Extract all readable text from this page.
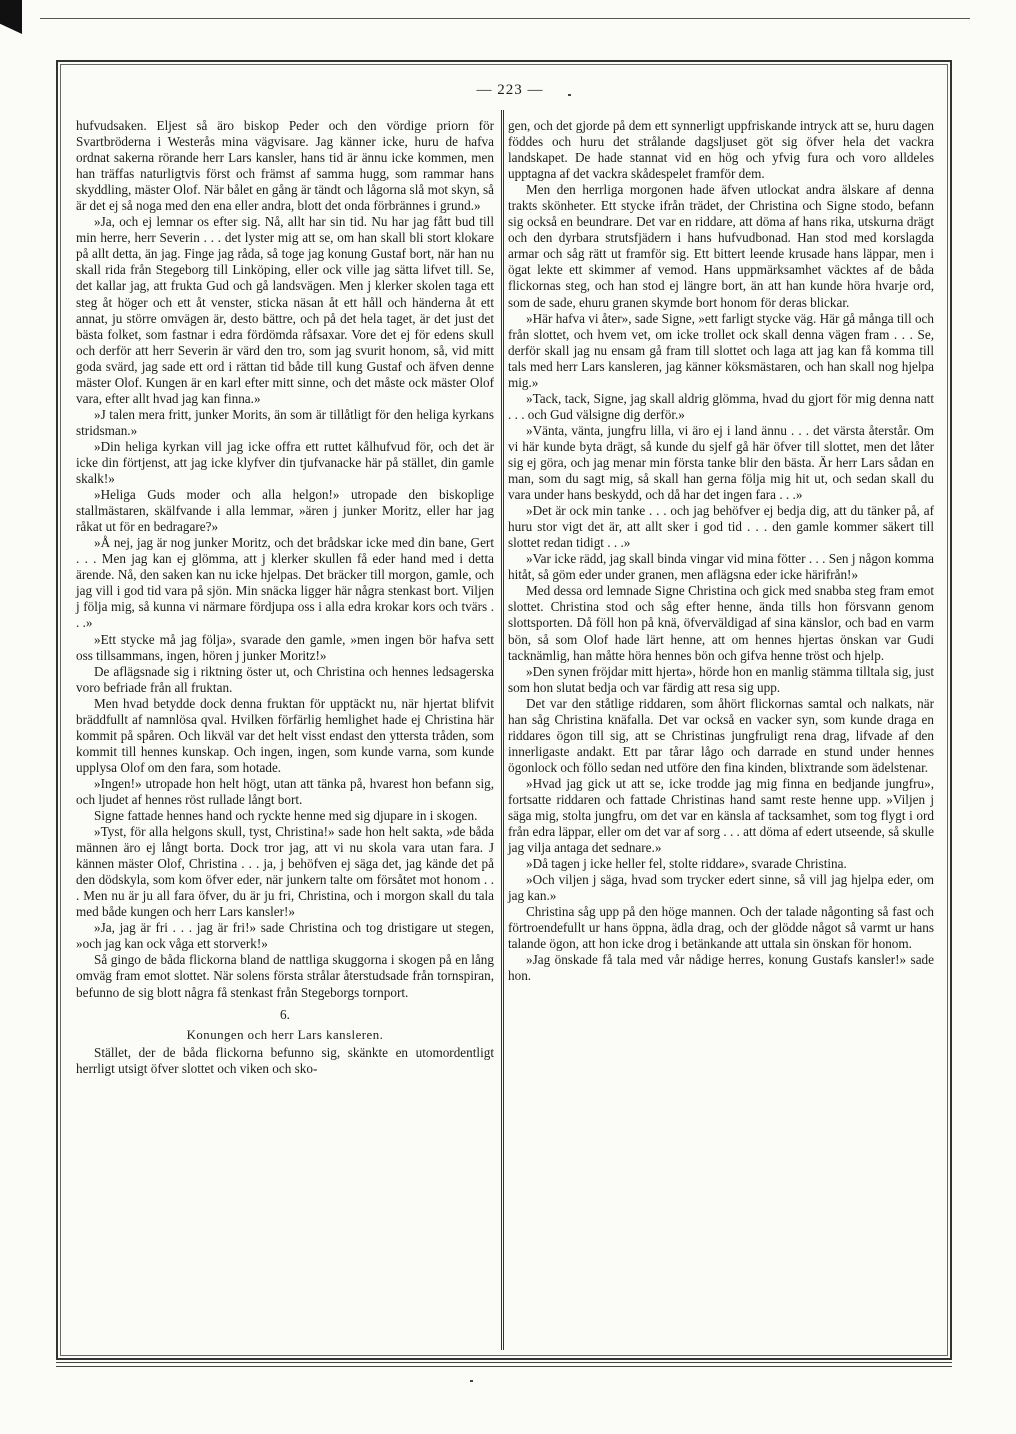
— 223 —

hufvudsaken. Eljest så äro biskop Peder och den vördige priorn för Svartbröderna i Westerås mina vägvisare. Jag känner icke, huru de hafva ordnat sakerna rörande herr Lars kansler, hans tid är ännu icke kommen, men han träffas naturligtvis först och främst af samma hugg, som rammar hans skyddling, mäster Olof. När bålet en gång är tändt och lågorna slå mot skyn, så är det ej så noga med den ena eller andra, blott det onda förbrännes i grund.»

»Ja, och ej lemnar os efter sig. Nå, allt har sin tid. Nu har jag fått bud till min herre, herr Severin . . . det lyster mig att se, om han skall bli stort klokare på allt detta, än jag. Finge jag råda, så toge jag konung Gustaf bort, när han nu skall rida från Stegeborg till Linköping, eller ock ville jag sätta lifvet till. Se, det kallar jag, att frukta Gud och gå landsvägen. Men j klerker skolen taga ett steg åt höger och ett åt venster, sticka näsan åt ett håll och händerna åt ett annat, ju större omvägen är, desto bättre, och på det hela taget, är det just det bästa folket, som fastnar i edra fördömda råfsaxar. Vore det ej för edens skull och derför att herr Severin är värd den tro, som jag svurit honom, så, vid mitt goda svärd, jag sade ett ord i rättan tid både till kung Gustaf och äfven denne mäster Olof. Kungen är en karl efter mitt sinne, och det måste ock mäster Olof vara, efter allt hvad jag kan finna.»

»J talen mera fritt, junker Morits, än som är tillåtligt för den heliga kyrkans stridsman.»

»Din heliga kyrkan vill jag icke offra ett ruttet kålhufvud för, och det är icke din förtjenst, att jag icke klyfver din tjufvanacke här på stället, din gamle skalk!»

»Heliga Guds moder och alla helgon!» utropade den biskoplige stallmästaren, skälfvande i alla lemmar, »ären j junker Moritz, eller har jag råkat ut för en bedragare?»

»Å nej, jag är nog junker Moritz, och det brådskar icke med din bane, Gert . . . Men jag kan ej glömma, att j klerker skullen få eder hand med i detta ärende. Nå, den saken kan nu icke hjelpas. Det bräcker till morgon, gamle, och jag vill i god tid vara på sjön. Min snäcka ligger här några stenkast bort. Viljen j följa mig, så kunna vi närmare fördjupa oss i alla edra krokar kors och tvärs . . .»

»Ett stycke må jag följa», svarade den gamle, »men ingen bör hafva sett oss tillsammans, ingen, hören j junker Moritz!»

De aflägsnade sig i riktning öster ut, och Christina och hennes ledsagerska voro befriade från all fruktan.

Men hvad betydde dock denna fruktan för upptäckt nu, när hjertat blifvit bräddfullt af namnlösa qval. Hvilken förfärlig hemlighet hade ej Christina här kommit på spåren. Och likväl var det helt visst endast den yttersta tråden, som kommit till hennes kunskap. Och ingen, ingen, som kunde varna, som kunde upplysa Olof om den fara, som hotade.

»Ingen!» utropade hon helt högt, utan att tänka på, hvarest hon befann sig, och ljudet af hennes röst rullade långt bort.

Signe fattade hennes hand och ryckte henne med sig djupare in i skogen.

»Tyst, för alla helgons skull, tyst, Christina!» sade hon helt sakta, »de båda männen äro ej långt borta. Dock tror jag, att vi nu skola vara utan fara. J kännen mäster Olof, Christina . . . ja, j behöfven ej säga det, jag kände det på den dödskyla, som kom öfver eder, när junkern talte om försåtet mot honom . . . Men nu är ju all fara öfver, du är ju fri, Christina, och i morgon skall du tala med både kungen och herr Lars kansler!»

»Ja, jag är fri . . . jag är fri!» sade Christina och tog dristigare ut stegen, »och jag kan ock våga ett storverk!»

Så gingo de båda flickorna bland de nattliga skuggorna i skogen på en lång omväg fram emot slottet. När solens första strålar återstudsade från tornspiran, befunno de sig blott några få stenkast från Stegeborgs tornport.

6.
Konungen och herr Lars kansleren.

Stället, der de båda flickorna befunno sig, skänkte en utomordentligt herrligt utsigt öfver slottet och viken och sko-

gen, och det gjorde på dem ett synnerligt uppfriskande intryck att se, huru dagen föddes och huru det strålande dagsljuset göt sig öfver hela det vackra landskapet. De hade stannat vid en hög och yfvig fura och voro alldeles upptagna af det vackra skådespelet framför dem.

Men den herrliga morgonen hade äfven utlockat andra älskare af denna trakts skönheter. Ett stycke ifrån trädet, der Christina och Signe stodo, befann sig också en beundrare. Det var en riddare, att döma af hans rika, utskurna drägt och den dyrbara strutsfjädern i hans hufvudbonad. Han stod med korslagda armar och såg rätt ut framför sig. Ett bittert leende krusade hans läppar, men i ögat lekte ett skimmer af vemod. Hans uppmärksamhet väcktes af de båda flickornas steg, och han stod ej längre bort, än att han kunde höra hvarje ord, som de sade, ehuru granen skymde bort honom för deras blickar.

»Här hafva vi åter», sade Signe, »ett farligt stycke väg. Här gå många till och från slottet, och hvem vet, om icke trollet ock skall denna vägen fram . . . Se, derför skall jag nu ensam gå fram till slottet och laga att jag kan få komma till tals med herr Lars kansleren, jag känner köksmästaren, och han skall nog hjelpa mig.»

»Tack, tack, Signe, jag skall aldrig glömma, hvad du gjort för mig denna natt . . . och Gud välsigne dig derför.»

»Vänta, vänta, jungfru lilla, vi äro ej i land ännu . . . det värsta återstår. Om vi här kunde byta drägt, så kunde du sjelf gå här öfver till slottet, men det låter sig ej göra, och jag menar min första tanke blir den bästa. Är herr Lars sådan en man, som du sagt mig, så skall han gerna följa mig hit ut, och sedan skall du vara under hans beskydd, och då har det ingen fara . . .»

»Det är ock min tanke . . . och jag behöfver ej bedja dig, att du tänker på, af huru stor vigt det är, att allt sker i god tid . . . den gamle kommer säkert till slottet redan tidigt . . .»

»Var icke rädd, jag skall binda vingar vid mina fötter . . . Sen j någon komma hitåt, så göm eder under granen, men aflägsna eder icke härifrån!»

Med dessa ord lemnade Signe Christina och gick med snabba steg fram emot slottet. Christina stod och såg efter henne, ända tills hon försvann genom slottsporten. Då föll hon på knä, öfverväldigad af sina känslor, och bad en varm bön, så som Olof hade lärt henne, att om hennes hjertas önskan var Gudi tacknämlig, han måtte höra hennes bön och gifva henne tröst och hjelp.

»Den synen fröjdar mitt hjerta», hörde hon en manlig stämma tilltala sig, just som hon slutat bedja och var färdig att resa sig upp.

Det var den ståtlige riddaren, som åhört flickornas samtal och nalkats, när han såg Christina knäfalla. Det var också en vacker syn, som kunde draga en riddares ögon till sig, att se Christinas jungfruligt rena drag, lifvade af den innerligaste andakt. Ett par tårar lågo och darrade en stund under hennes ögonlock och föllo sedan ned utföre den fina kinden, blixtrande som ädelstenar.

»Hvad jag gick ut att se, icke trodde jag mig finna en bedjande jungfru», fortsatte riddaren och fattade Christinas hand samt reste henne upp. »Viljen j säga mig, stolta jungfru, om det var en känsla af tacksamhet, som tog flygt i ord från edra läppar, eller om det var af sorg . . . att döma af edert utseende, så skulle jag vilja antaga det sednare.»

»Då tagen j icke heller fel, stolte riddare», svarade Christina.

»Och viljen j säga, hvad som trycker edert sinne, så vill jag hjelpa eder, om jag kan.»

Christina såg upp på den höge mannen. Och der talade någonting så fast och förtroendefullt ur hans öppna, ädla drag, och der glödde något så varmt ur hans talande ögon, att hon icke drog i betänkande att uttala sin önskan för honom.

»Jag önskade få tala med vår nådige herres, konung Gustafs kansler!» sade hon.
